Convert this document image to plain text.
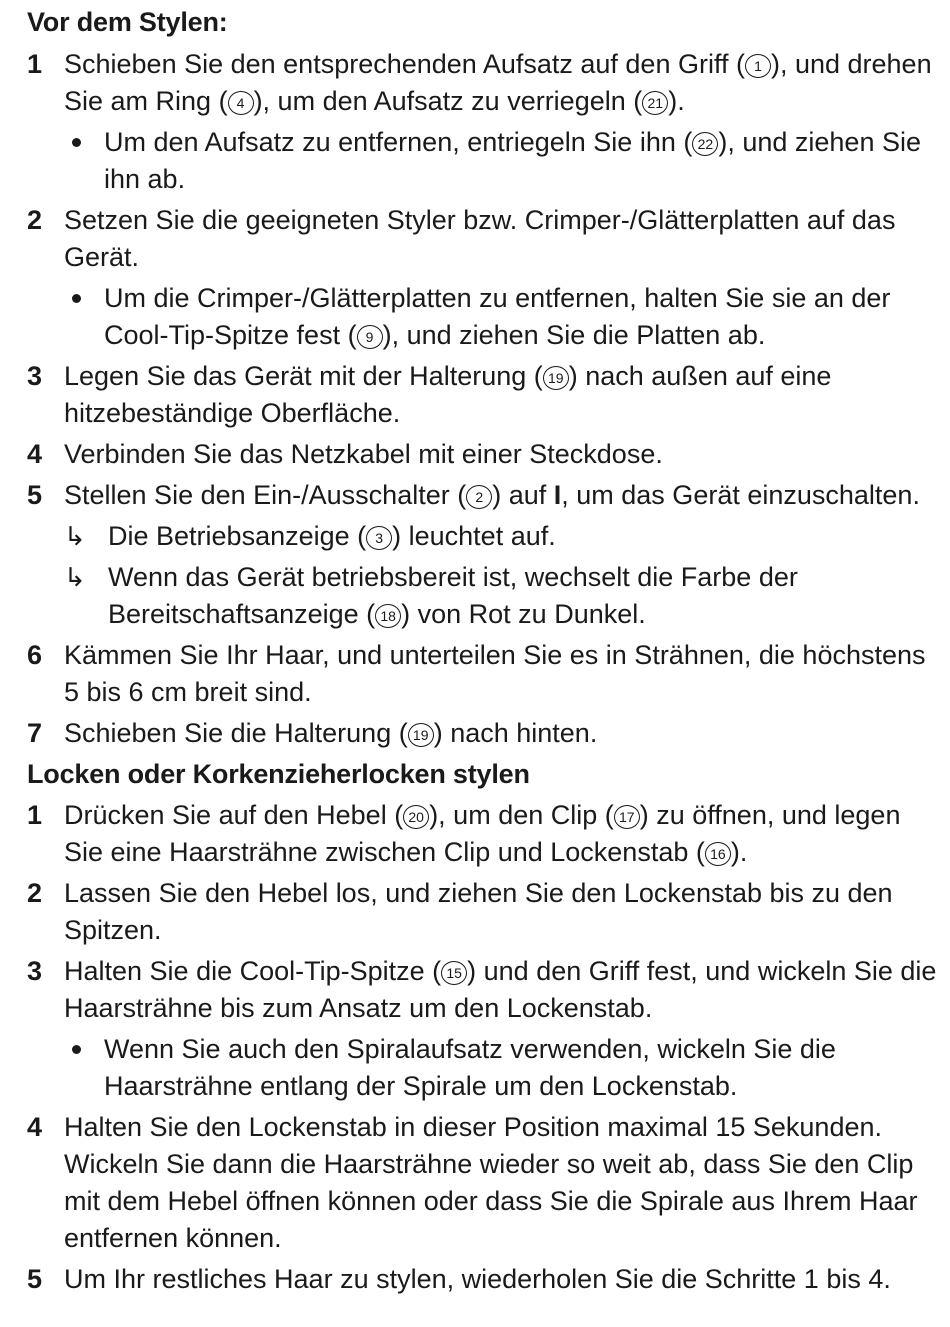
Vor dem Stylen:
1 Schieben Sie den entsprechenden Aufsatz auf den Griff ( 1 ), und drehen Sie am Ring ( 4 ), um den Aufsatz zu verriegeln ( 21 ).
Um den Aufsatz zu entfernen, entriegeln Sie ihn ( 22 ), und ziehen Sie ihn ab.
2 Setzen Sie die geeigneten Styler bzw. Crimper-/Glätterplatten auf das Gerät.
Um die Crimper-/Glätterplatten zu entfernen, halten Sie sie an der Cool-Tip-Spitze fest ( 9 ), und ziehen Sie die Platten ab.
3 Legen Sie das Gerät mit der Halterung ( 19 ) nach außen auf eine hitzebeständige Oberfläche.
4 Verbinden Sie das Netzkabel mit einer Steckdose.
5 Stellen Sie den Ein-/Ausschalter ( 2 ) auf I, um das Gerät einzuschalten.
↳ Die Betriebsanzeige ( 3 ) leuchtet auf.
↳ Wenn das Gerät betriebsbereit ist, wechselt die Farbe der Bereitschaftsanzeige ( 18 ) von Rot zu Dunkel.
6 Kämmen Sie Ihr Haar, und unterteilen Sie es in Strähnen, die höchstens 5 bis 6 cm breit sind.
7 Schieben Sie die Halterung ( 19 ) nach hinten.
Locken oder Korkenzieherlocken stylen
1 Drücken Sie auf den Hebel ( 20 ), um den Clip ( 17 ) zu öffnen, und legen Sie eine Haarsträhne zwischen Clip und Lockenstab ( 16 ).
2 Lassen Sie den Hebel los, und ziehen Sie den Lockenstab bis zu den Spitzen.
3 Halten Sie die Cool-Tip-Spitze ( 15 ) und den Griff fest, und wickeln Sie die Haarsträhne bis zum Ansatz um den Lockenstab.
Wenn Sie auch den Spiralaufsatz verwenden, wickeln Sie die Haarsträhne entlang der Spirale um den Lockenstab.
4 Halten Sie den Lockenstab in dieser Position maximal 15 Sekunden. Wickeln Sie dann die Haarsträhne wieder so weit ab, dass Sie den Clip mit dem Hebel öffnen können oder dass Sie die Spirale aus Ihrem Haar entfernen können.
5 Um Ihr restliches Haar zu stylen, wiederholen Sie die Schritte 1 bis 4.
